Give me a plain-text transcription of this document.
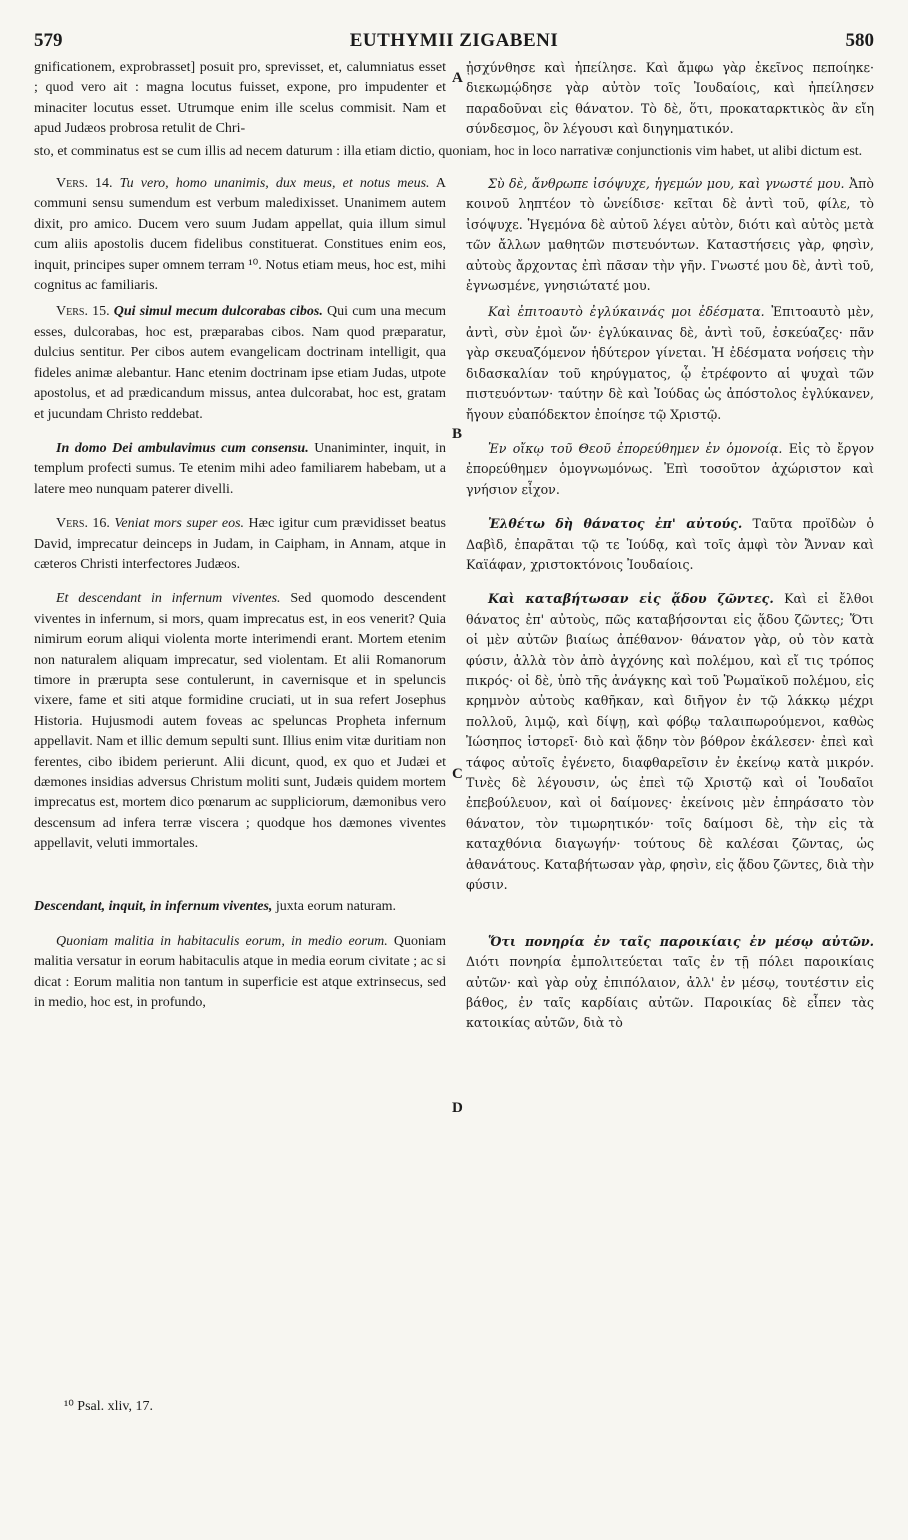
579	EUTHYMII ZIGABENI	580

gnificationem, exprobrasset] posuit pro, sprevisset, et, calumniatus esset ; quod vero ait : magna locutus fuisset, expone, pro impudenter et minaciter locutus esset. Utrumque enim ille scelus commisit. Nam et apud Judæos probrosa retulit de Chri-

ᾐσχύνθησε καὶ ἠπείλησε. Καὶ ἄμφω γὰρ ἐκεῖνος πεποίηκε· διεκωμῴδησε γὰρ αὐτὸν τοῖς Ἰουδαίοις, καὶ ἠπείλησεν παραδοῦναι εἰς θάνατον. Τὸ δὲ, ὅτι, προκαταρκτικὸς ἂν εἴη σύνδεσμος, ὃν λέγουσι καὶ διηγηματικόν.

sto, et comminatus est se cum illis ad necem daturum : illa etiam dictio, quoniam, hoc in loco narrativæ conjunctionis vim habet, ut alibi dictum est.

Vers. 14. Tu vero, homo unanimis, dux meus, et notus meus. A communi sensu sumendum est verbum maledixisset. Unanimem autem dixit, pro amico. Ducem vero suum Judam appellat, quia illum simul cum aliis apostolis ducem fidelibus constituerat. Constitues enim eos, inquit, principes super omnem terram ¹⁰. Notus etiam meus, hoc est, mihi cognitus ac familiaris.

Σὺ δὲ, ἄνθρωπε ἰσόψυχε, ἡγεμών μου, καὶ γνωστέ μου. Ἀπὸ κοινοῦ ληπτέον τὸ ὠνείδισε· κεῖται δὲ ἀντὶ τοῦ, φίλε, τὸ ἰσόψυχε. Ἡγεμόνα δὲ αὐτοῦ λέγει αὐτὸν, διότι καὶ αὐτὸς μετὰ τῶν ἄλλων μαθητῶν πιστευόντων. Καταστήσεις γὰρ, φησὶν, αὐτοὺς ἄρχοντας ἐπὶ πᾶσαν τὴν γῆν. Γνωστέ μου δὲ, ἀντὶ τοῦ, ἐγνωσμένε, γνησιώτατέ μου.

Vers. 15. Qui simul mecum dulcorabas cibos. Qui cum una mecum esses, dulcorabas, hoc est, præparabas cibos. Nam quod præparatur, dulcius sentitur. Per cibos autem evangelicam doctrinam intelligit, qua fideles animæ alebantur. Hanc etenim doctrinam ipse etiam Judas, utpote apostolus, et ad prædicandum missus, antea dulcorabat, hoc est, gratam et jucundam Christo reddebat.

Καὶ ἐπιτοαυτὸ ἐγλύκαινάς μοι ἐδέσματα. Ἐπιτοαυτὸ μὲν, ἀντὶ, σὺν ἐμοὶ ὤν· ἐγλύκαινας δὲ, ἀντὶ τοῦ, ἐσκεύαζες· πᾶν γὰρ σκευαζόμενον ἡδύτερον γίνεται. Ἡ ἐδέσματα νοήσεις τὴν διδασκαλίαν τοῦ κηρύγματος, ᾧ ἐτρέφοντο αἱ ψυχαὶ τῶν πιστευόντων· ταύτην δὲ καὶ Ἰούδας ὡς ἀπόστολος ἐγλύκανεν, ἤγουν εὐαπόδεκτον ἐποίησε τῷ Χριστῷ.

In domo Dei ambulavimus cum consensu. Unaniminter, inquit, in templum profecti sumus. Te etenim mihi adeo familiarem habebam, ut a latere meo nunquam paterer divelli.

Ἐν οἴκῳ τοῦ Θεοῦ ἐπορεύθημεν ἐν ὁμονοίᾳ. Εἰς τὸ ἔργον ἐπορεύθημεν ὁμογνωμόνως. Ἐπὶ τοσοῦτον ἀχώριστον καὶ γνήσιον εἶχον.

Vers. 16. Veniat mors super eos. Hæc igitur cum prævidisset beatus David, imprecatur deinceps in Judam, in Caipham, in Annam, atque in cæteros Christi interfectores Judæos.

Ἐλθέτω δὴ θάνατος ἐπ' αὐτούς. Ταῦτα προϊδὼν ὁ Δαβὶδ, ἐπαρᾶται τῷ τε Ἰούδᾳ, καὶ τοῖς ἀμφὶ τὸν Ἄνναν καὶ Καϊάφαν, χριστοκτόνοις Ἰουδαίοις.

Et descendant in infernum viventes. Sed quomodo descendent viventes in infernum, si mors, quam imprecatus est, in eos venerit? Quia nimirum eorum aliqui violenta morte interimendi erant. Mortem etenim non naturalem aliquam imprecatur, sed violentam. Et alii Romanorum timore in prærupta sese contulerunt, in cavernisque et in speluncis vixere, fame et siti atque formidine cruciati, ut in sua refert Josephus Historia. Hujusmodi autem foveas ac speluncas Propheta infernum appellavit. Nam et illic demum sepulti sunt. Illius enim vitæ duritiam non ferentes, cibo ibidem perierunt. Alii dicunt, quod, ex quo et Judæi et dæmones insidias adversus Christum moliti sunt, Judæis quidem mortem imprecatus est, mortem dico pœnarum ac suppliciorum, dæmonibus vero descensum ad infera terræ viscera ; quodque hos dæmones viventes appellavit, veluti immortales.

Καὶ καταβήτωσαν εἰς ᾅδου ζῶντες. Καὶ εἰ ἔλθοι θάνατος ἐπ' αὐτοὺς, πῶς καταβήσονται εἰς ᾅδου ζῶντες; Ὅτι οἱ μὲν αὐτῶν βιαίως ἀπέθανον· θάνατον γὰρ, οὐ τὸν κατὰ φύσιν, ἀλλὰ τὸν ἀπὸ ἀγχόνης καὶ πολέμου, καὶ εἴ τις τρόπος πικρός· οἱ δὲ, ὑπὸ τῆς ἀνάγκης καὶ τοῦ Ῥωμαϊκοῦ πολέμου, εἰς κρημνὸν αὐτοὺς καθῆκαν, καὶ διῆγον ἐν τῷ λάκκῳ μέχρι πολλοῦ, λιμῷ, καὶ δίψῃ, καὶ φόβῳ ταλαιπωρούμενοι, καθὼς Ἰώσηπος ἱστορεῖ· διὸ καὶ ᾅδην τὸν βόθρον ἐκάλεσεν· ἐπεὶ καὶ τάφος αὐτοῖς ἐγένετο, διαφθαρεῖσιν ἐν ἐκείνῳ κατὰ μικρόν. Τινὲς δὲ λέγουσιν, ὡς ἐπεὶ τῷ Χριστῷ καὶ οἱ Ἰουδαῖοι ἐπεβούλευον, καὶ οἱ δαίμονες· ἐκείνοις μὲν ἐπηράσατο τὸν θάνατον, τὸν τιμωρητικόν· τοῖς δαίμοσι δὲ, τὴν εἰς τὰ καταχθόνια διαγωγήν· τούτους δὲ καλέσαι ζῶντας, ὡς ἀθανάτους. Καταβήτωσαν γὰρ, φησὶν, εἰς ᾅδου ζῶντες, διὰ τὴν φύσιν.

Descendant, inquit, in infernum viventes, juxta eorum naturam.

Quoniam malitia in habitaculis eorum, in medio eorum. Quoniam malitia versatur in eorum habitaculis atque in media eorum civitate ; ac si dicat : Eorum malitia non tantum in superficie est atque extrinsecus, sed in medio, hoc est, in profundo,

Ὅτι πονηρία ἐν ταῖς παροικίαις ἐν μέσῳ αὐτῶν. Διότι πονηρία ἐμπολιτεύεται ταῖς ἐν τῇ πόλει παροικίαις αὐτῶν· καὶ γὰρ οὐχ ἐπιπόλαιον, ἀλλ' ἐν μέσῳ, τουτέστιν εἰς βάθος, ἐν ταῖς καρδίαις αὐτῶν. Παροικίας δὲ εἶπεν τὰς κατοικίας αὐτῶν, διὰ τὸ

A
B
C
D
¹⁰ Psal. xliv, 17.
